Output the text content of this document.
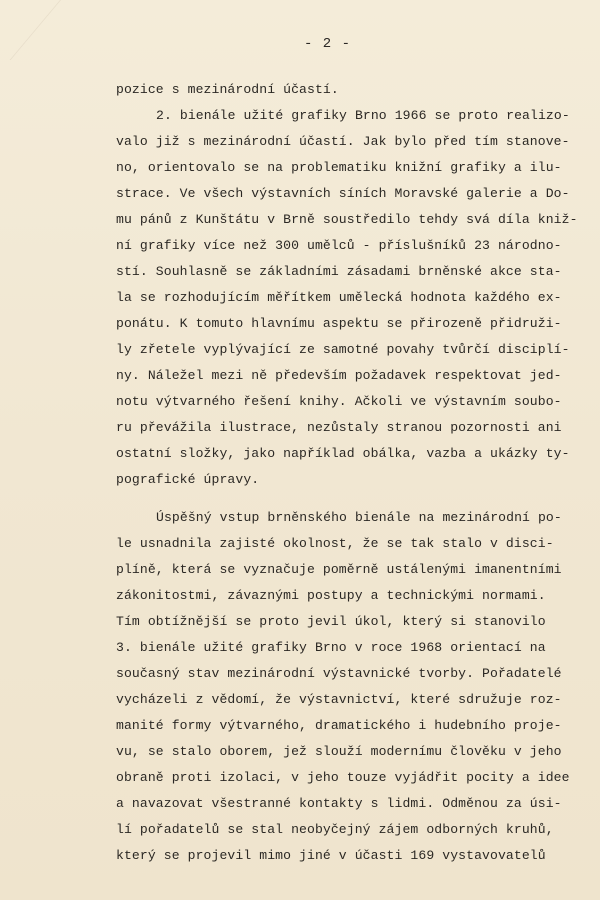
- 2 -
pozice s mezinárodní účastí.
2. bienále užité grafiky Brno 1966 se proto realizo-
valo již s mezinárodní účastí. Jak bylo před tím stanove-
no, orientovalo se na problematiku knižní grafiky a ilu-
strace. Ve všech výstavních síních Moravské galerie a Do-
mu pánů z Kunštátu v Brně soustředilo tehdy svá díla kniž-
ní grafiky více než 300 umělců - příslušníků 23 národno-
stí. Souhlasně se základními zásadami brněnské akce sta-
la se rozhodujícím měřítkem umělecká hodnota každého ex-
ponátu. K tomuto hlavnímu aspektu se přirozeně přidruži-
ly zřetele vyplývající ze samotné povahy tvůrčí disciplí-
ny. Náležel mezi ně především požadavek respektovat jed-
notu výtvarného řešení knihy. Ačkoli ve výstavním soubo-
ru převážila ilustrace, nezůstaly stranou pozornosti ani
ostatní složky, jako například obálka, vazba a ukázky ty-
pografické úpravy.
Úspěšný vstup brněnského bienále na mezinárodní po-
le usnadnila zajisté okolnost, že se tak stalo v disci-
plíně, která se vyznačuje poměrně ustálenými imanentními
zákonitostmi, závaznými postupy a technickými normami.
Tím obtížnější se proto jevil úkol, který si stanovilo
3. bienále užité grafiky Brno v roce 1968 orientací na
současný stav mezinárodní výstavnické tvorby. Pořadatelé
vycházeli z vědomí, že výstavnictví, které sdružuje roz-
manité formy výtvarného, dramatického i hudebního proje-
vu, se stalo oborem, jež slouží modernímu člověku v jeho
obraně proti izolaci, v jeho touze vyjádřit pocity a idee
a navazovat všestranné kontakty s lidmi. Odměnou za úsi-
lí pořadatelů se stal neobyčejný zájem odborných kruhů,
který se projevil mimo jiné v účasti 169 vystavovatelů
